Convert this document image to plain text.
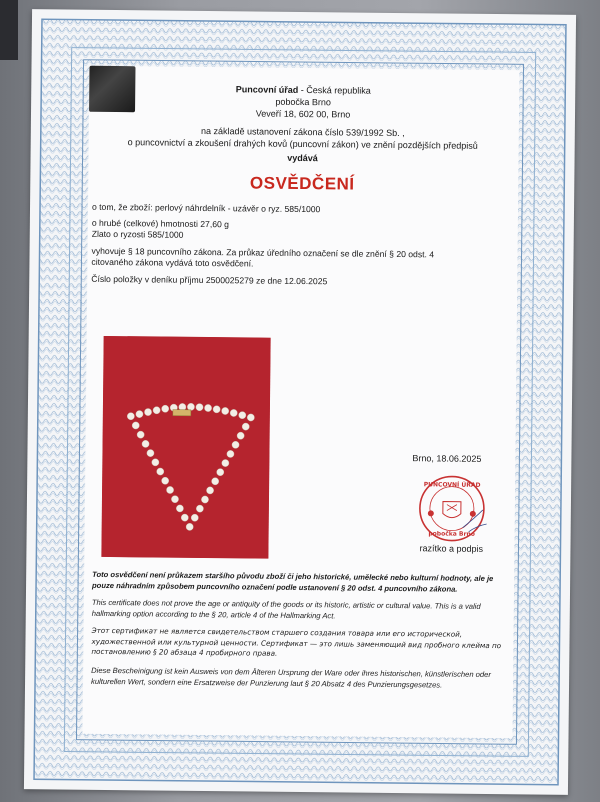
Puncovní úřad - Česká republika
pobočka Brno
Veveří 18, 602 00, Brno
na základě ustanovení zákona číslo 539/1992 Sb. ,
o puncovnictví a zkoušení drahých kovů (puncovní zákon) ve znění pozdějších předpisů
vydává
OSVĚDČENÍ
o tom, že zboží: perlový náhrdelník - uzávěr o ryz. 585/1000
o hrubé (celkové) hmotnosti 27,60 g
Zlato o ryzosti 585/1000
vyhovuje § 18 puncovního zákona. Za průkaz úředního označení se dle znění § 20 odst. 4
citovaného zákona vydává toto osvědčení.
Číslo položky v deníku příjmu 2500025279 ze dne 12.06.2025
Brno, 18.06.2025
PUNCOVNÍ ÚŘAD
pobočka Brno
razítko a podpis
Toto osvědčení není průkazem staršího původu zboží či jeho historické, umělecké nebo kulturní hodnoty, ale je pouze náhradním způsobem puncovního označení podle ustanovení § 20 odst. 4 puncovního zákona.
This certificate does not prove the age or antiquity of the goods or its historic, artistic or cultural value. This is a valid hallmarking option according to the § 20, article 4 of the Hallmarking Act.
Этот сертификат не является свидетельством старшего создания товара или его исторической, художественной или культурной ценности. Сертификат — это лишь заменяющий вид пробного клейма по постановлению § 20 абзаца 4 пробирного права.
Diese Bescheinigung ist kein Ausweis von dem Älteren Ursprung der Ware oder ihres historischen, künstlerischen oder kulturellen Wert, sondern eine Ersatzweise der Punzierung laut § 20 Absatz 4 des Punzierungsgesetzes.
